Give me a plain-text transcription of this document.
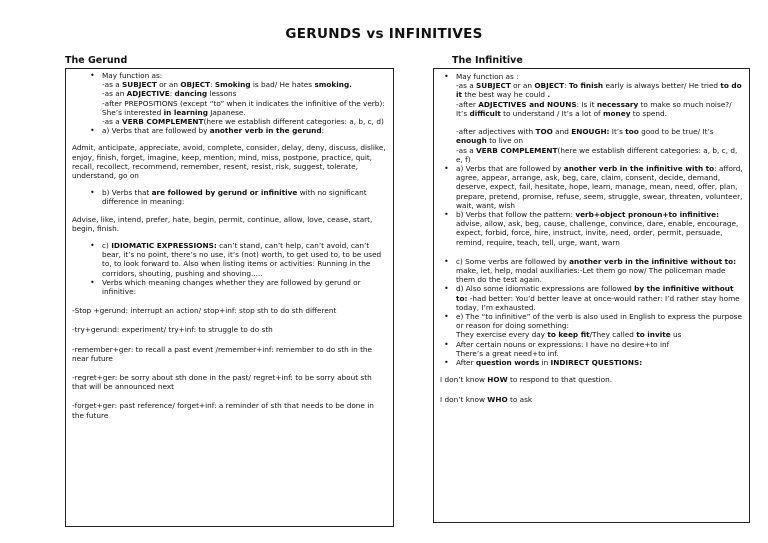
GERUNDS vs INFINITIVES
The Gerund	The Infinitive
• May function as:
-as a SUBJECT or an OBJECT: Smoking is bad/ He hates smoking.
-as an ADJECTIVE: dancing lessons
-after PREPOSITIONS (except “to” when it indicates the infinitive of the verb): She’s interested in learning Japanese.
-as a VERB COMPLEMENT(here we establish different categories: a, b, c, d)
• a) Verbs that are followed by another verb in the gerund:

Admit, anticipate, appreciate, avoid, complete, consider, delay, deny, discuss, dislike, enjoy, finish, forget, imagine, keep, mention, mind, miss, postpone, practice, quit, recall, recollect, recommend, remember, resent, resist, risk, suggest, tolerate, understand, go on

• b) Verbs that are followed by gerund or infinitive with no significant difference in meaning:

Advise, like, intend, prefer, hate, begin, permit, continue, allow, love, cease, start, begin, finish.

• c) IDIOMATIC EXPRESSIONS: can’t stand, can’t help, can’t avoid, can’t bear, it’s no point, there’s no use, it’s (not) worth, to get used to, to be used to, to look forward to. Also when listing items or activities: Running in the corridors, shouting, pushing and shoving.....
• Verbs which meaning changes whether they are followed by gerund or infinitive:

-Stop +gerund: interrupt an action/ stop+inf: stop sth to do sth different

-try+gerund: experiment/ try+inf: to struggle to do sth

-remember+ger: to recall a past event /remember+inf: remember to do sth in the near future

-regret+ger: be sorry about sth done in the past/ regret+inf: to be sorry about sth that will be announced next

-forget+ger: past reference/ forget+inf: a reminder of sth that needs to be done in the future

• May function as :
-as a SUBJECT or an OBJECT: To finish early is always better/ He tried to do it the best way he could .
-after ADJECTIVES and NOUNS: Is it necessary to make so much noise?/ It’s difficult to understand / It’s a lot of money to spend.

-after adjectives with TOO and ENOUGH: It’s too good to be true/ It’s enough to live on
-as a VERB COMPLEMENT(here we establish different categories: a, b, c, d, e, f)
• a) Verbs that are followed by another verb in the infinitive with to: afford, agree, appear, arrange, ask, beg, care, claim, consent, decide, demand, deserve, expect, fail, hesitate, hope, learn, manage, mean, need, offer, plan, prepare, pretend, promise, refuse, seem, struggle, swear, threaten, volunteer, wait, want, wish
• b) Verbs that follow the pattern: verb+object pronoun+to infinitive: advise, allow, ask, beg, cause, challenge, convince, dare, enable, encourage, expect, forbid, force, hire, instruct, invite, need, order, permit, persuade, remind, require, teach, tell, urge, want, warn
• c) Some verbs are followed by another verb in the infinitive without to: make, let, help, modal auxiliaries:-Let them go now/ The policeman made them do the test again.
• d) Also some idiomatic expressions are followed by the infinitive without to: -had better: You’d better leave at once-would rather: I’d rather stay home today, I’m exhausted.
• e) The “to infinitive” of the verb is also used in English to express the purpose or reason for doing something:
They exercise every day to keep fit/They called to invite us
• After certain nouns or expressions: I have no desire+to inf
There’s a great need+to inf.
• After question words in INDIRECT QUESTIONS:

I don’t know HOW to respond to that question.

I don’t know WHO to ask
